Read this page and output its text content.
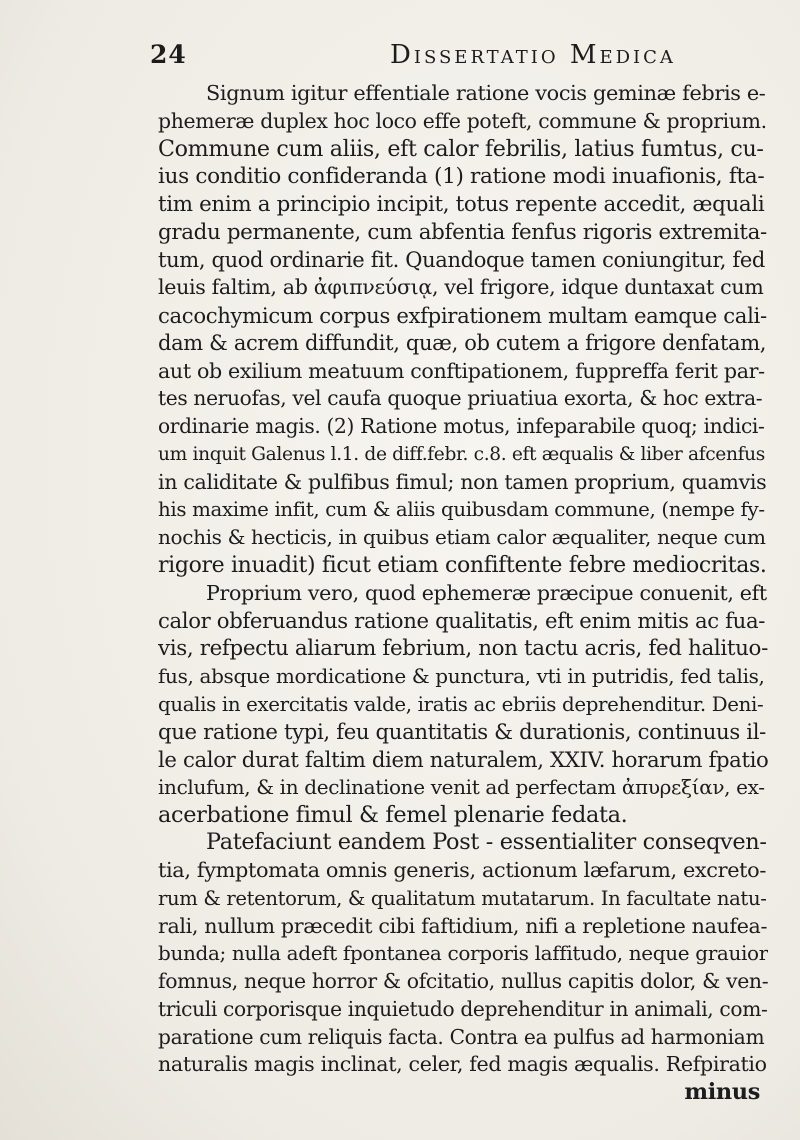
24	Dissertatio Medica
Signum igitur effentiale ratione vocis geminæ febris e-
phemeræ duplex hoc loco effe poteft, commune & proprium.
Commune cum aliis, eft calor febrilis, latius fumtus, cu-
ius conditio confideranda (1) ratione modi inuafionis, fta-
tim enim a principio incipit, totus repente accedit, æquali
gradu permanente, cum abfentia fenfus rigoris extremita-
tum, quod ordinarie fit. Quandoque tamen coniungitur, fed
leuis faltim, ab ἀφιπνεύσιᾳ, vel frigore, idque duntaxat cum
cacochymicum corpus exfpirationem multam eamque cali-
dam & acrem diffundit, quæ, ob cutem a frigore denfatam,
aut ob exilium meatuum conftipationem, fuppreffa ferit par-
tes neruofas, vel caufa quoque priuatiua exorta, & hoc extra-
ordinarie magis. (2) Ratione motus, infeparabile quoq; indici-
um inquit Galenus l.1. de diff.febr. c.8. eft æqualis & liber afcenfus
in caliditate & pulfibus fimul; non tamen proprium, quamvis
his maxime infit, cum & aliis quibusdam commune, (nempe fy-
nochis & hecticis, in quibus etiam calor æqualiter, neque cum
rigore inuadit) ficut etiam confiftente febre mediocritas.
Proprium vero, quod ephemeræ præcipue conuenit, eft
calor obferuandus ratione qualitatis, eft enim mitis ac fua-
vis, refpectu aliarum febrium, non tactu acris, fed halituo-
fus, absque mordicatione & punctura, vti in putridis, fed talis,
qualis in exercitatis valde, iratis ac ebriis deprehenditur. Deni-
que ratione typi, feu quantitatis & durationis, continuus il-
le calor durat faltim diem naturalem, XXIV. horarum fpatio
inclufum, & in declinatione venit ad perfectam ἀπυρεξίαν, ex-
acerbatione fimul & femel plenarie fedata.
Patefaciunt eandem Post - essentialiter conseqven-
tia, fymptomata omnis generis, actionum læfarum, excreto-
rum & retentorum, & qualitatum mutatarum. In facultate natu-
rali, nullum præcedit cibi faftidium, nifi a repletione naufea-
bunda; nulla adeft fpontanea corporis laffitudo, neque grauior
fomnus, neque horror & ofcitatio, nullus capitis dolor, & ven-
triculi corporisque inquietudo deprehenditur in animali, com-
paratione cum reliquis facta. Contra ea pulfus ad harmoniam
naturalis magis inclinat, celer, fed magis æqualis. Refpiratio
minus
